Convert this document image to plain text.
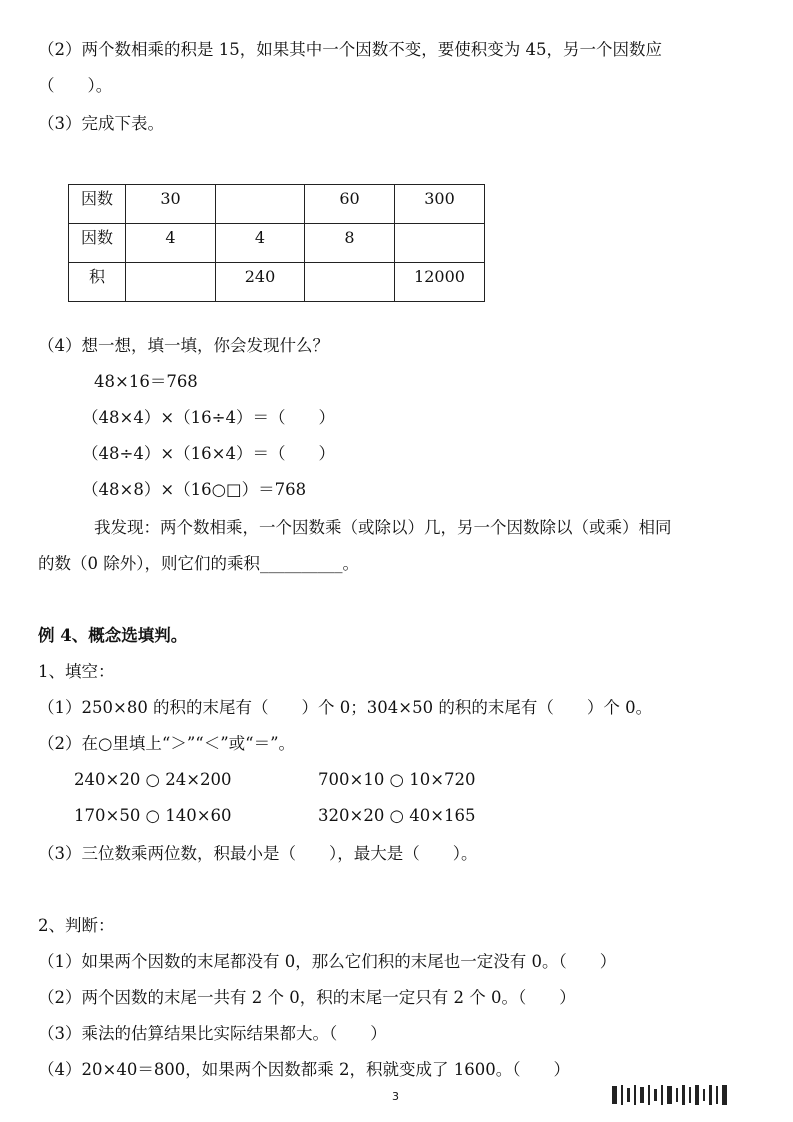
（2）两个数相乘的积是 15，如果其中一个因数不变，要使积变为 45，另一个因数应
（　　）。
（3）完成下表。
因数	30		60	300
因数	4	4	8	
积		240		12000
（4）想一想，填一填，你会发现什么？
48×16＝768
（48×4）×（16÷4）＝（　　）
（48÷4）×（16×4）＝（　　）
（48×8）×（16○□）＝768
我发现：两个数相乘，一个因数乘（或除以）几，另一个因数除以（或乘）相同
的数（0 除外），则它们的乘积__________。
例 4、概念选填判。
1、填空：
（1）250×80 的积的末尾有（　　）个 0；304×50 的积的末尾有（　　）个 0。
（2）在○里填上“＞”“＜”或“＝”。
240×20 ○ 24×200	700×10 ○ 10×720
170×50 ○ 140×60	320×20 ○ 40×165
（3）三位数乘两位数，积最小是（　　），最大是（　　）。
2、判断：
（1）如果两个因数的末尾都没有 0，那么它们积的末尾也一定没有 0。（　　）
（2）两个因数的末尾一共有 2 个 0，积的末尾一定只有 2 个 0。（　　）
（3）乘法的估算结果比实际结果都大。（　　）
（4）20×40＝800，如果两个因数都乘 2，积就变成了 1600。（　　）
3
